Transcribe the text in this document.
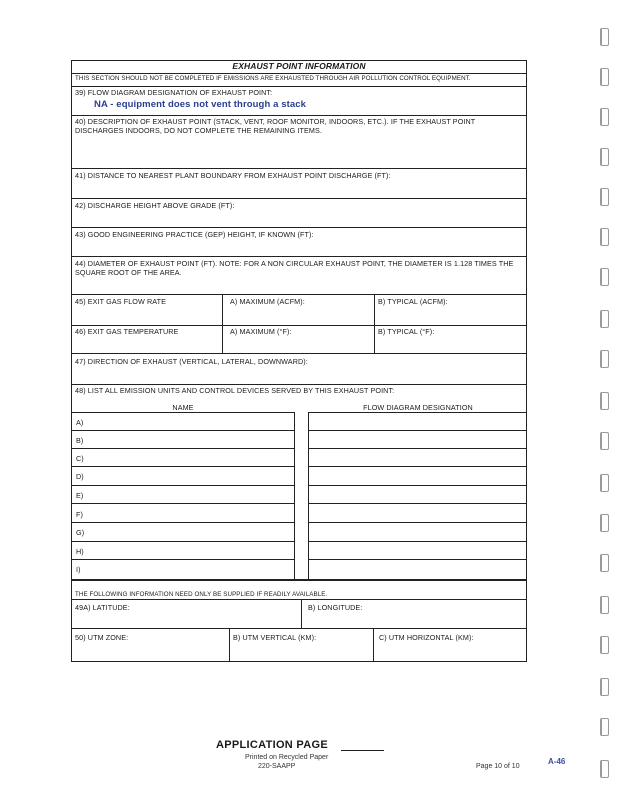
EXHAUST POINT INFORMATION
THIS SECTION SHOULD NOT BE COMPLETED IF EMISSIONS ARE EXHAUSTED THROUGH AIR POLLUTION CONTROL EQUIPMENT.
39) FLOW DIAGRAM DESIGNATION OF EXHAUST POINT:
NA - equipment does not vent through a stack
40) DESCRIPTION OF EXHAUST POINT (STACK, VENT, ROOF MONITOR, INDOORS, ETC.). IF THE EXHAUST POINT DISCHARGES INDOORS, DO NOT COMPLETE THE REMAINING ITEMS.
41) DISTANCE TO NEAREST PLANT BOUNDARY FROM EXHAUST POINT DISCHARGE (FT):
42) DISCHARGE HEIGHT ABOVE GRADE (FT):
43) GOOD ENGINEERING PRACTICE (GEP) HEIGHT, IF KNOWN (FT):
44) DIAMETER OF EXHAUST POINT (FT). NOTE: FOR A NON CIRCULAR EXHAUST POINT, THE DIAMETER IS 1.128 TIMES THE SQUARE ROOT OF THE AREA.
45) EXIT GAS FLOW RATE	A) MAXIMUM (ACFM):	B) TYPICAL (ACFM):
46) EXIT GAS TEMPERATURE	A) MAXIMUM (°F):	B) TYPICAL (°F):
47) DIRECTION OF EXHAUST (VERTICAL, LATERAL, DOWNWARD):
48) LIST ALL EMISSION UNITS AND CONTROL DEVICES SERVED BY THIS EXHAUST POINT:
NAME	FLOW DIAGRAM DESIGNATION
A)
B)
C)
D)
E)
F)
G)
H)
I)
THE FOLLOWING INFORMATION NEED ONLY BE SUPPLIED IF READILY AVAILABLE.
49A) LATITUDE:	B) LONGITUDE:
50) UTM ZONE:	B) UTM VERTICAL (KM):	C) UTM HORIZONTAL (KM):
APPLICATION PAGE
Printed on Recycled Paper
220-SAAPP	Page 10 of 10
A-46
